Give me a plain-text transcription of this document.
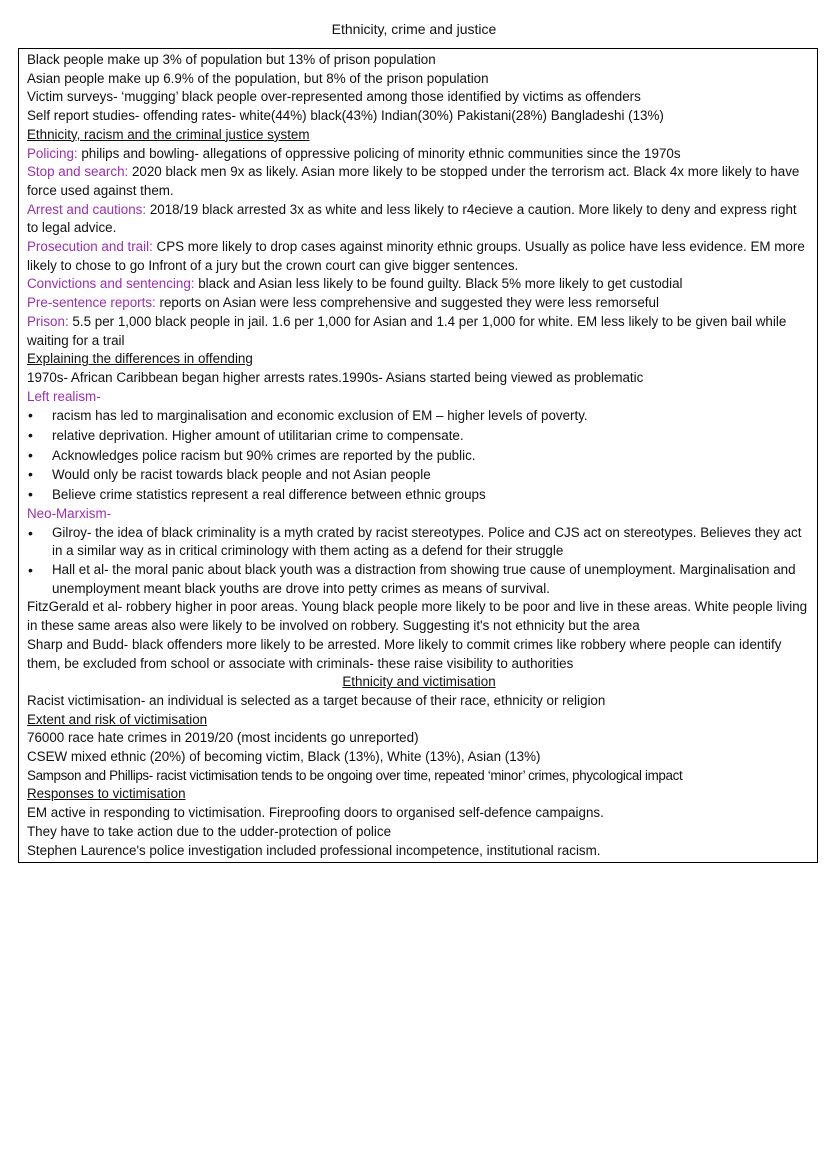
Ethnicity, crime and justice

Black people make up 3% of population but 13% of prison population

Asian people make up 6.9% of the population, but 8% of the prison population

Victim surveys- ‘mugging’ black people over-represented among those identified by victims as offenders

Self report studies- offending rates- white(44%) black(43%) Indian(30%) Pakistani(28%) Bangladeshi (13%)

Ethnicity, racism and the criminal justice system

Policing: philips and bowling- allegations of oppressive policing of minority ethnic communities since the 1970s

Stop and search: 2020 black men 9x as likely. Asian more likely to be stopped under the terrorism act. Black 4x more likely to have force used against them.

Arrest and cautions: 2018/19 black arrested 3x as white and less likely to r4ecieve a caution. More likely to deny and express right to legal advice.

Prosecution and trail: CPS more likely to drop cases against minority ethnic groups. Usually as police have less evidence. EM more likely to chose to go Infront of a jury but the crown court can give bigger sentences.

Convictions and sentencing: black and Asian less likely to be found guilty. Black 5% more likely to get custodial

Pre-sentence reports: reports on Asian were less comprehensive and suggested they were less remorseful

Prison: 5.5 per 1,000 black people in jail. 1.6 per 1,000 for Asian and 1.4 per 1,000 for white. EM less likely to be given bail while waiting for a trail

Explaining the differences in offending

1970s- African Caribbean began higher arrests rates.1990s- Asians started being viewed as problematic

Left realism-

• racism has led to marginalisation and economic exclusion of EM – higher levels of poverty.
• relative deprivation. Higher amount of utilitarian crime to compensate.
• Acknowledges police racism but 90% crimes are reported by the public.
• Would only be racist towards black people and not Asian people
• Believe crime statistics represent a real difference between ethnic groups

Neo-Marxism-

• Gilroy- the idea of black criminality is a myth crated by racist stereotypes. Police and CJS act on stereotypes. Believes they act in a similar way as in critical criminology with them acting as a defend for their struggle
• Hall et al- the moral panic about black youth was a distraction from showing true cause of unemployment. Marginalisation and unemployment meant black youths are drove into petty crimes as means of survival.

FitzGerald et al- robbery higher in poor areas. Young black people more likely to be poor and live in these areas. White people living in these same areas also were likely to be involved on robbery. Suggesting it's not ethnicity but the area

Sharp and Budd- black offenders more likely to be arrested. More likely to commit crimes like robbery where people can identify them, be excluded from school or associate with criminals- these raise visibility to authorities

Ethnicity and victimisation

Racist victimisation- an individual is selected as a target because of their race, ethnicity or religion

Extent and risk of victimisation

76000 race hate crimes in 2019/20 (most incidents go unreported)

CSEW mixed ethnic (20%) of becoming victim, Black (13%), White (13%), Asian (13%)

Sampson and Phillips- racist victimisation tends to be ongoing over time, repeated ‘minor’ crimes, phycological impact

Responses to victimisation

EM active in responding to victimisation. Fireproofing doors to organised self-defence campaigns.

They have to take action due to the udder-protection of police

Stephen Laurence's police investigation included professional incompetence, institutional racism.
